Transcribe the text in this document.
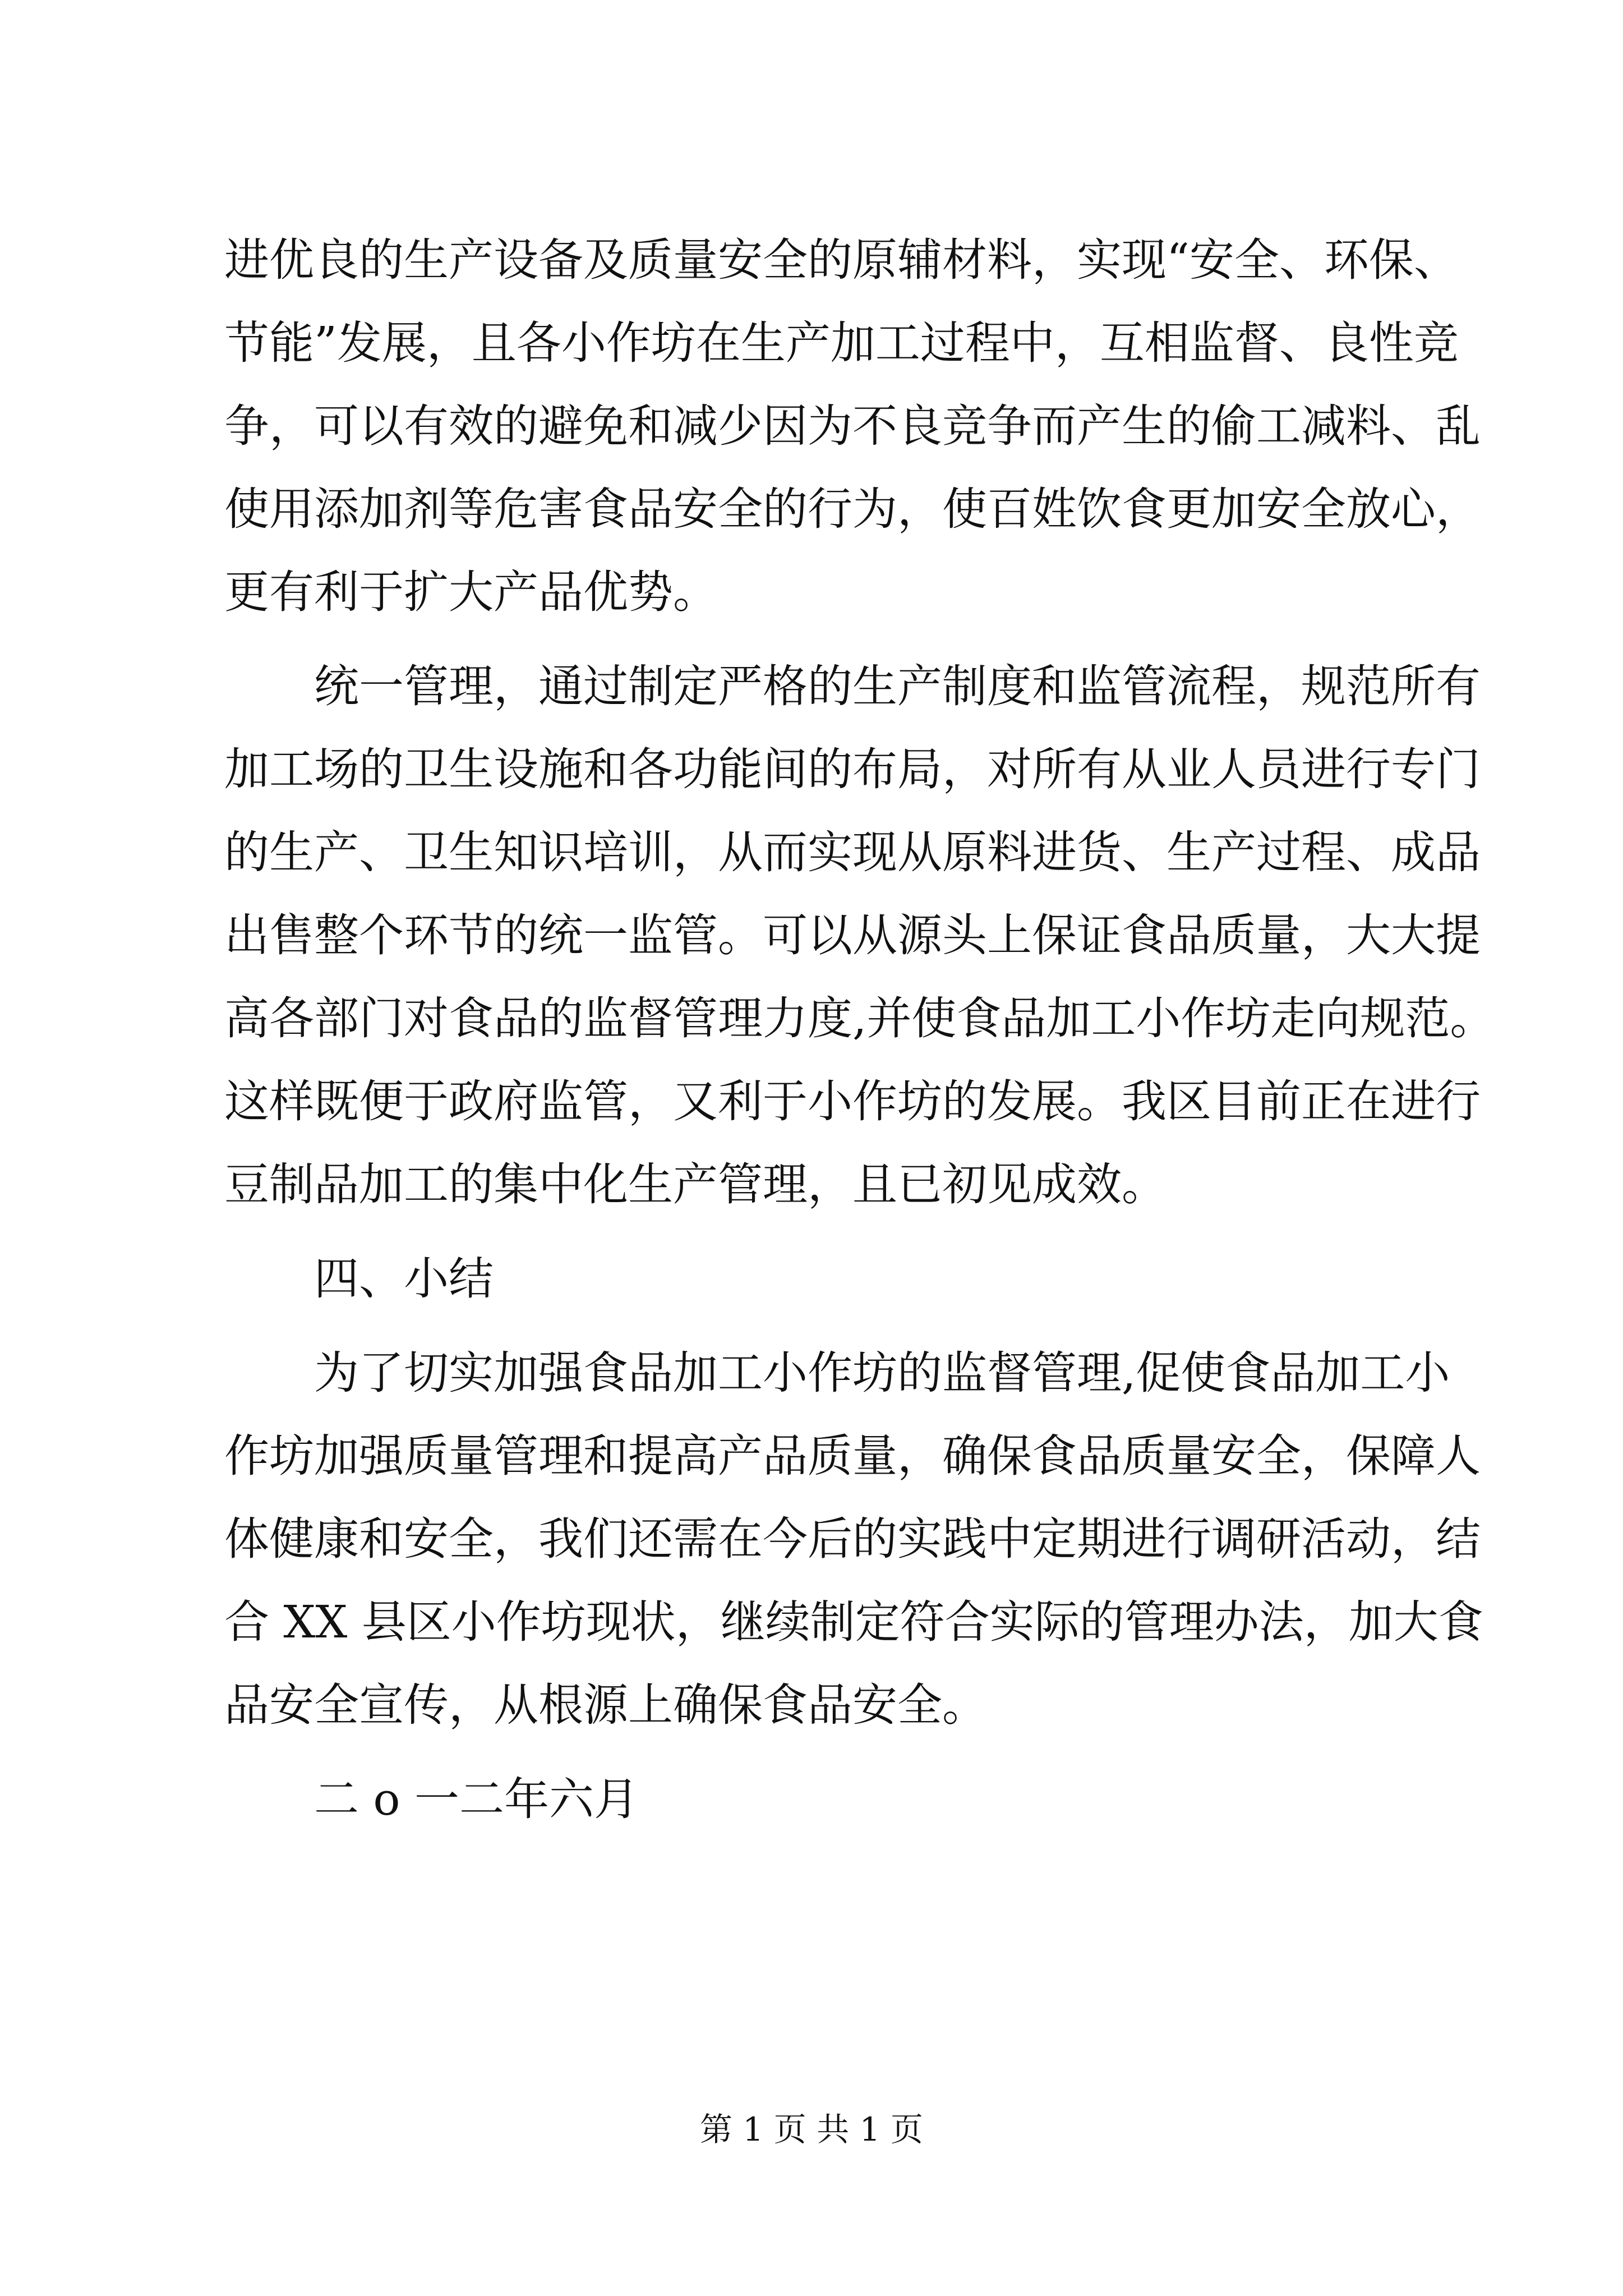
进优良的生产设备及质量安全的原辅材料，实现“安全、环保、
节能”发展，且各小作坊在生产加工过程中，互相监督、良性竞
争，可以有效的避免和减少因为不良竞争而产生的偷工减料、乱
使用添加剂等危害食品安全的行为，使百姓饮食更加安全放心，
更有利于扩大产品优势。
统一管理，通过制定严格的生产制度和监管流程，规范所有
加工场的卫生设施和各功能间的布局，对所有从业人员进行专门
的生产、卫生知识培训，从而实现从原料进货、生产过程、成品
出售整个环节的统一监管。可以从源头上保证食品质量，大大提
高各部门对食品的监督管理力度,并使食品加工小作坊走向规范。
这样既便于政府监管，又利于小作坊的发展。我区目前正在进行
豆制品加工的集中化生产管理，且已初见成效。
四、小结
为了切实加强食品加工小作坊的监督管理,促使食品加工小
作坊加强质量管理和提高产品质量，确保食品质量安全，保障人
体健康和安全，我们还需在今后的实践中定期进行调研活动，结
合 XX 县区小作坊现状，继续制定符合实际的管理办法，加大食
品安全宣传，从根源上确保食品安全。
二 o 一二年六月
第 1 页 共 1 页
